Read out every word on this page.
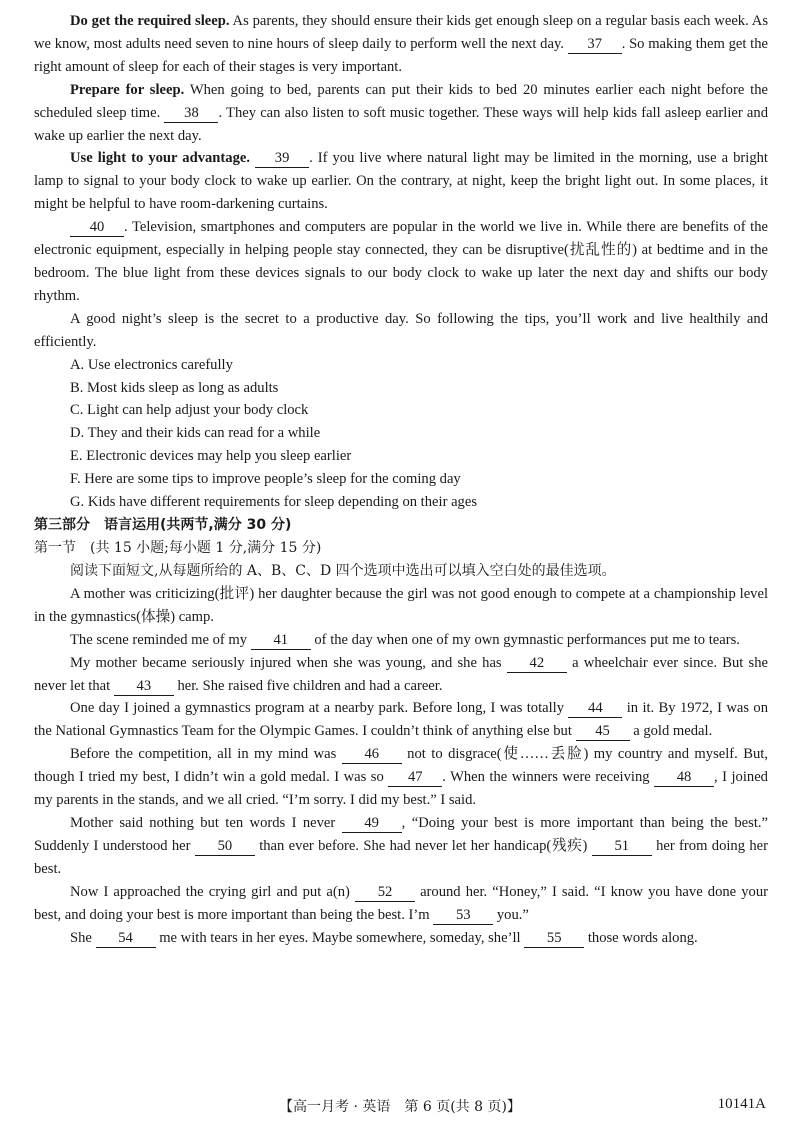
Do get the required sleep. As parents, they should ensure their kids get enough sleep on a regular basis each week. As we know, most adults need seven to nine hours of sleep daily to perform well the next day. 37 . So making them get the right amount of sleep for each of their stages is very important.

Prepare for sleep. When going to bed, parents can put their kids to bed 20 minutes earlier each night before the scheduled sleep time. 38 . They can also listen to soft music together. These ways will help kids fall asleep earlier and wake up earlier the next day.

Use light to your advantage. 39 . If you live where natural light may be limited in the morning, use a bright lamp to signal to your body clock to wake up earlier. On the contrary, at night, keep the bright light out. In some places, it might be helpful to have room-darkening curtains.

40 . Television, smartphones and computers are popular in the world we live in. While there are benefits of the electronic equipment, especially in helping people stay connected, they can be disruptive(扰乱性的) at bedtime and in the bedroom. The blue light from these devices signals to our body clock to wake up later the next day and shifts our body rhythm.

A good night’s sleep is the secret to a productive day. So following the tips, you’ll work and live healthily and efficiently.

A. Use electronics carefully

B. Most kids sleep as long as adults

C. Light can help adjust your body clock

D. They and their kids can read for a while

E. Electronic devices may help you sleep earlier

F. Here are some tips to improve people’s sleep for the coming day

G. Kids have different requirements for sleep depending on their ages

第三部分　语言运用(共两节,满分 30 分)

第一节　(共 15 小题;每小题 1 分,满分 15 分)

阅读下面短文,从每题所给的 A、B、C、D 四个选项中选出可以填入空白处的最佳选项。

A mother was criticizing(批评) her daughter because the girl was not good enough to compete at a championship level in the gymnastics(体操) camp.

The scene reminded me of my 41 of the day when one of my own gymnastic performances put me to tears.

My mother became seriously injured when she was young, and she has 42 a wheelchair ever since. But she never let that 43 her. She raised five children and had a career.

One day I joined a gymnastics program at a nearby park. Before long, I was totally 44 in it. By 1972, I was on the National Gymnastics Team for the Olympic Games. I couldn’t think of anything else but 45 a gold medal.

Before the competition, all in my mind was 46 not to disgrace(使……丢脸) my country and myself. But, though I tried my best, I didn’t win a gold medal. I was so 47 . When the winners were receiving 48 , I joined my parents in the stands, and we all cried. “I’m sorry. I did my best.” I said.

Mother said nothing but ten words I never 49 , “Doing your best is more important than being the best.” Suddenly I understood her 50 than ever before. She had never let her handicap(残疾) 51 her from doing her best.

Now I approached the crying girl and put a(n) 52 around her. “Honey,” I said. “I know you have done your best, and doing your best is more important than being the best. I’m 53 you.”

She 54 me with tears in her eyes. Maybe somewhere, someday, she’ll 55 those words along.

【高一月考 · 英语　第 6 页(共 8 页)】	10141A
